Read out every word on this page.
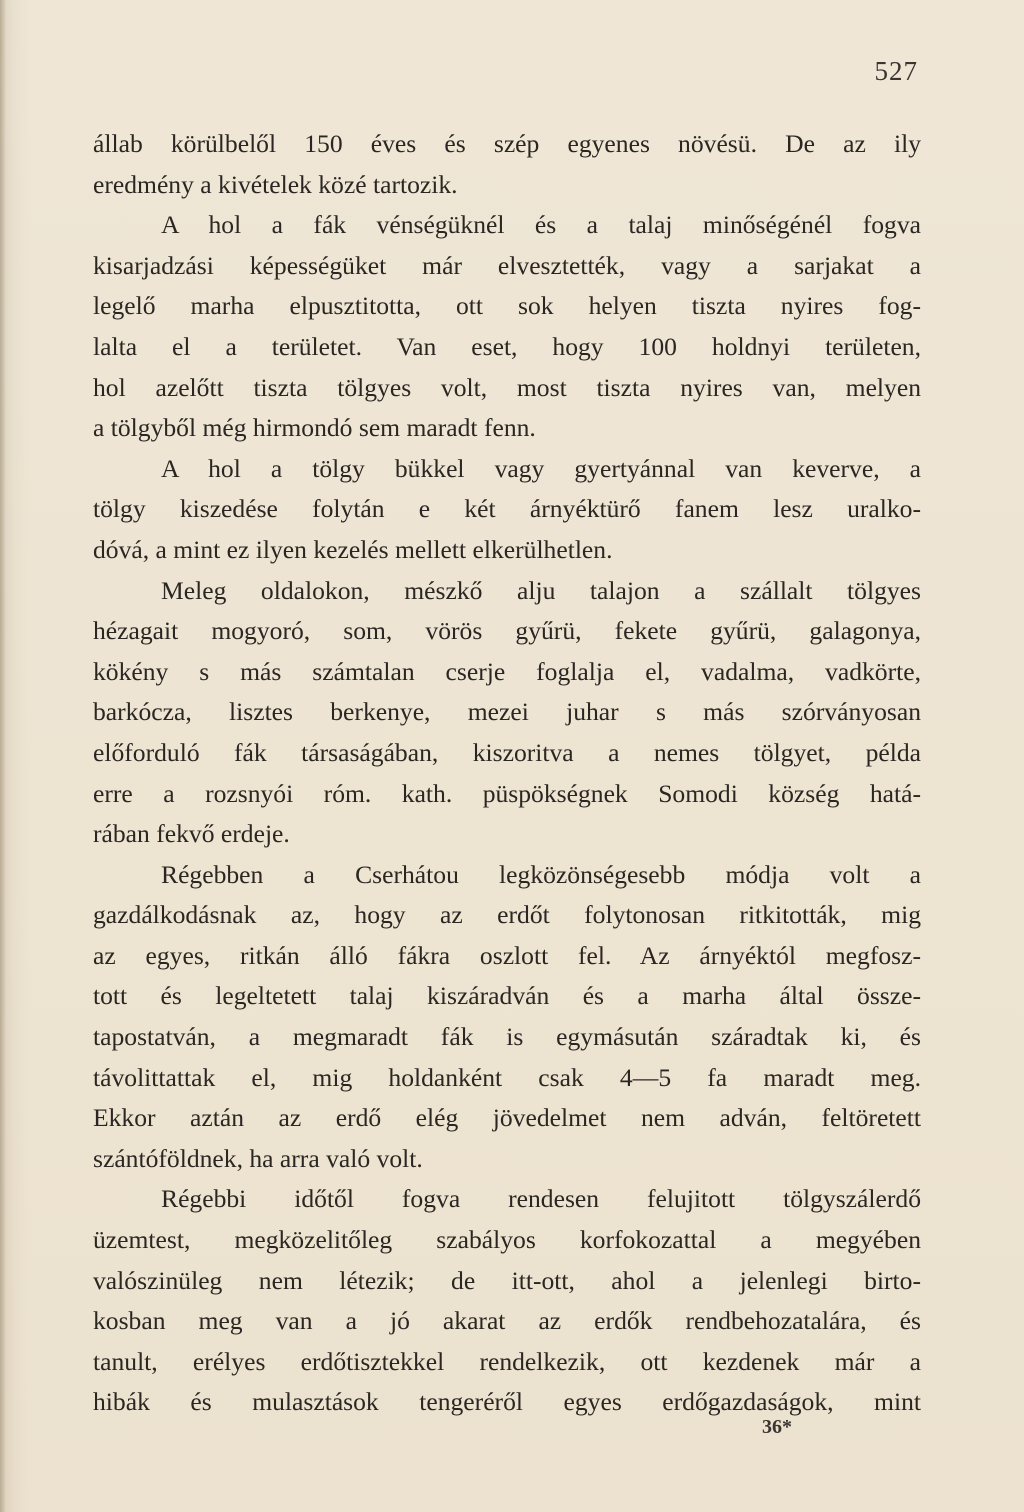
527
állab körülbelől 150 éves és szép egyenes növésü. De az ily
eredmény a kivételek közé tartozik.
A hol a fák vénségüknél és a talaj minőségénél fogva
kisarjadzási képességüket már elvesztették, vagy a sarjakat a
legelő marha elpusztitotta, ott sok helyen tiszta nyires fog-
lalta el a területet. Van eset, hogy 100 holdnyi területen,
hol azelőtt tiszta tölgyes volt, most tiszta nyires van, melyen
a tölgyből még hirmondó sem maradt fenn.
A hol a tölgy bükkel vagy gyertyánnal van keverve, a
tölgy kiszedése folytán e két árnyéktürő fanem lesz uralko-
dóvá, a mint ez ilyen kezelés mellett elkerülhetlen.
Meleg oldalokon, mészkő alju talajon a szállalt tölgyes
hézagait mogyoró, som, vörös gyűrü, fekete gyűrü, galagonya,
kökény s más számtalan cserje foglalja el, vadalma, vadkörte,
barkócza, lisztes berkenye, mezei juhar s más szórványosan
előforduló fák társaságában, kiszoritva a nemes tölgyet, példa
erre a rozsnyói róm. kath. püspökségnek Somodi község hatá-
rában fekvő erdeje.
Régebben a Cserhátou legközönségesebb módja volt a
gazdálkodásnak az, hogy az erdőt folytonosan ritkitották, mig
az egyes, ritkán álló fákra oszlott fel. Az árnyéktól megfosz-
tott és legeltetett talaj kiszáradván és a marha által össze-
tapostatván, a megmaradt fák is egymásután száradtak ki, és
távolittattak el, mig holdanként csak 4—5 fa maradt meg.
Ekkor aztán az erdő elég jövedelmet nem adván, feltöretett
szántóföldnek, ha arra való volt.
Régebbi időtől fogva rendesen felujitott tölgyszálerdő
üzemtest, megközelitőleg szabályos korfokozattal a megyében
valószinüleg nem létezik; de itt-ott, ahol a jelenlegi birto-
kosban meg van a jó akarat az erdők rendbehozatalára, és
tanult, erélyes erdőtisztekkel rendelkezik, ott kezdenek már a
hibák és mulasztások tengeréről egyes erdőgazdaságok, mint
36*
